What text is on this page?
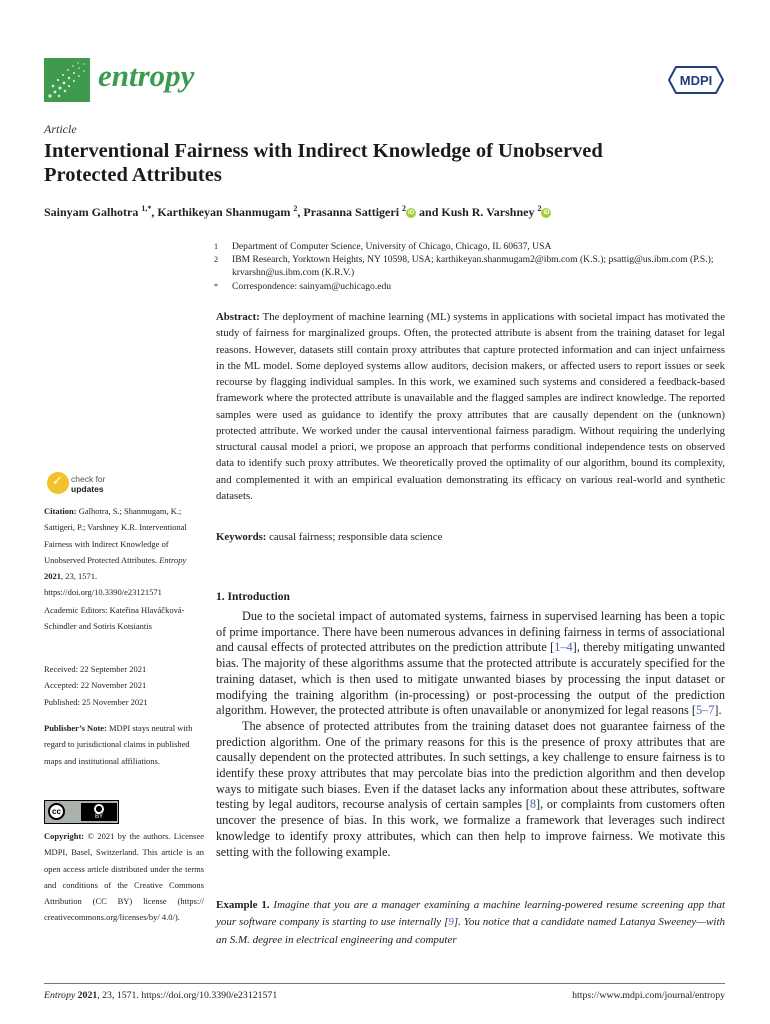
entropy	MDPI
Article
Interventional Fairness with Indirect Knowledge of Unobserved Protected Attributes
Sainyam Galhotra $^{1,*}$, Karthikeyan Shanmugam $^2$, Prasanna Sattigeri $^2$ iD and Kush R. Varshney $^2$ iD
1 Department of Computer Science, University of Chicago, Chicago, IL 60637, USA
2 IBM Research, Yorktown Heights, NY 10598, USA; karthikeyan.shanmugam2@ibm.com (K.S.); psattig@us.ibm.com (P.S.); krvarshn@us.ibm.com (K.R.V.)
* Correspondence: sainyam@uchicago.edu
Abstract: The deployment of machine learning (ML) systems in applications with societal impact has motivated the study of fairness for marginalized groups. Often, the protected attribute is absent from the training dataset for legal reasons. However, datasets still contain proxy attributes that capture protected information and can inject unfairness in the ML model. Some deployed systems allow auditors, decision makers, or affected users to report issues or seek recourse by flagging individual samples. In this work, we examined such systems and considered a feedback-based framework where the protected attribute is unavailable and the flagged samples are indirect knowledge. The reported samples were used as guidance to identify the proxy attributes that are causally dependent on the (unknown) protected attribute. We worked under the causal interventional fairness paradigm. Without requiring the underlying structural causal model a priori, we propose an approach that performs conditional independence tests on observed data to identify such proxy attributes. We theoretically proved the optimality of our algorithm, bound its complexity, and complemented it with an empirical evaluation demonstrating its efficacy on various real-world and synthetic datasets.
Keywords: causal fairness; responsible data science
✓
check for
updates
Citation: Galhotra, S.; Shanmugam, K.; Sattigeri, P.; Varshney K.R. Interventional Fairness with Indirect Knowledge of Unobserved Protected Attributes. Entropy 2021, 23, 1571. https://doi.org/10.3390/e23121571
Academic Editors: Kateřina Hlaváčková-Schindler and Sotiris Kotsiantis
Received: 22 September 2021
Accepted: 22 November 2021
Published: 25 November 2021
Publisher’s Note: MDPI stays neutral with regard to jurisdictional claims in published maps and institutional affiliations.
cc	●
BY
Copyright: © 2021 by the authors. Licensee MDPI, Basel, Switzerland. This article is an open access article distributed under the terms and conditions of the Creative Commons Attribution (CC BY) license (https:// creativecommons.org/licenses/by/ 4.0/).
1. Introduction

Due to the societal impact of automated systems, fairness in supervised learning has been a topic of prime importance. There have been numerous advances in defining fairness in terms of associational and causal effects of protected attributes on the prediction attribute [1–4], thereby mitigating unwanted bias. The majority of these algorithms assume that the protected attribute is accurately specified for the training dataset, which is then used to mitigate unwanted biases by processing the input dataset or modifying the training algorithm (in-processing) or post-processing the output of the prediction algorithm. However, the protected attribute is often unavailable or anonymized for legal reasons [5–7].

The absence of protected attributes from the training dataset does not guarantee fairness of the prediction algorithm. One of the primary reasons for this is the presence of proxy attributes that are causally dependent on the protected attributes. In such settings, a key challenge to ensure fairness is to identify these proxy attributes that may percolate bias into the prediction algorithm and then develop ways to mitigate such biases. Even if the dataset lacks any information about these attributes, software testing by legal auditors, recourse analysis of certain samples [8], or complaints from customers often uncover the presence of bias. In this work, we formalize a framework that leverages such indirect knowledge to identify proxy attributes, which can then help to improve fairness. We motivate this setting with the following example.

Example 1. Imagine that you are a manager examining a machine learning-powered resume screening app that your software company is starting to use internally [9]. You notice that a candidate named Latanya Sweeney—with an S.M. degree in electrical engineering and computer
Entropy 2021, 23, 1571. https://doi.org/10.3390/e23121571	https://www.mdpi.com/journal/entropy
